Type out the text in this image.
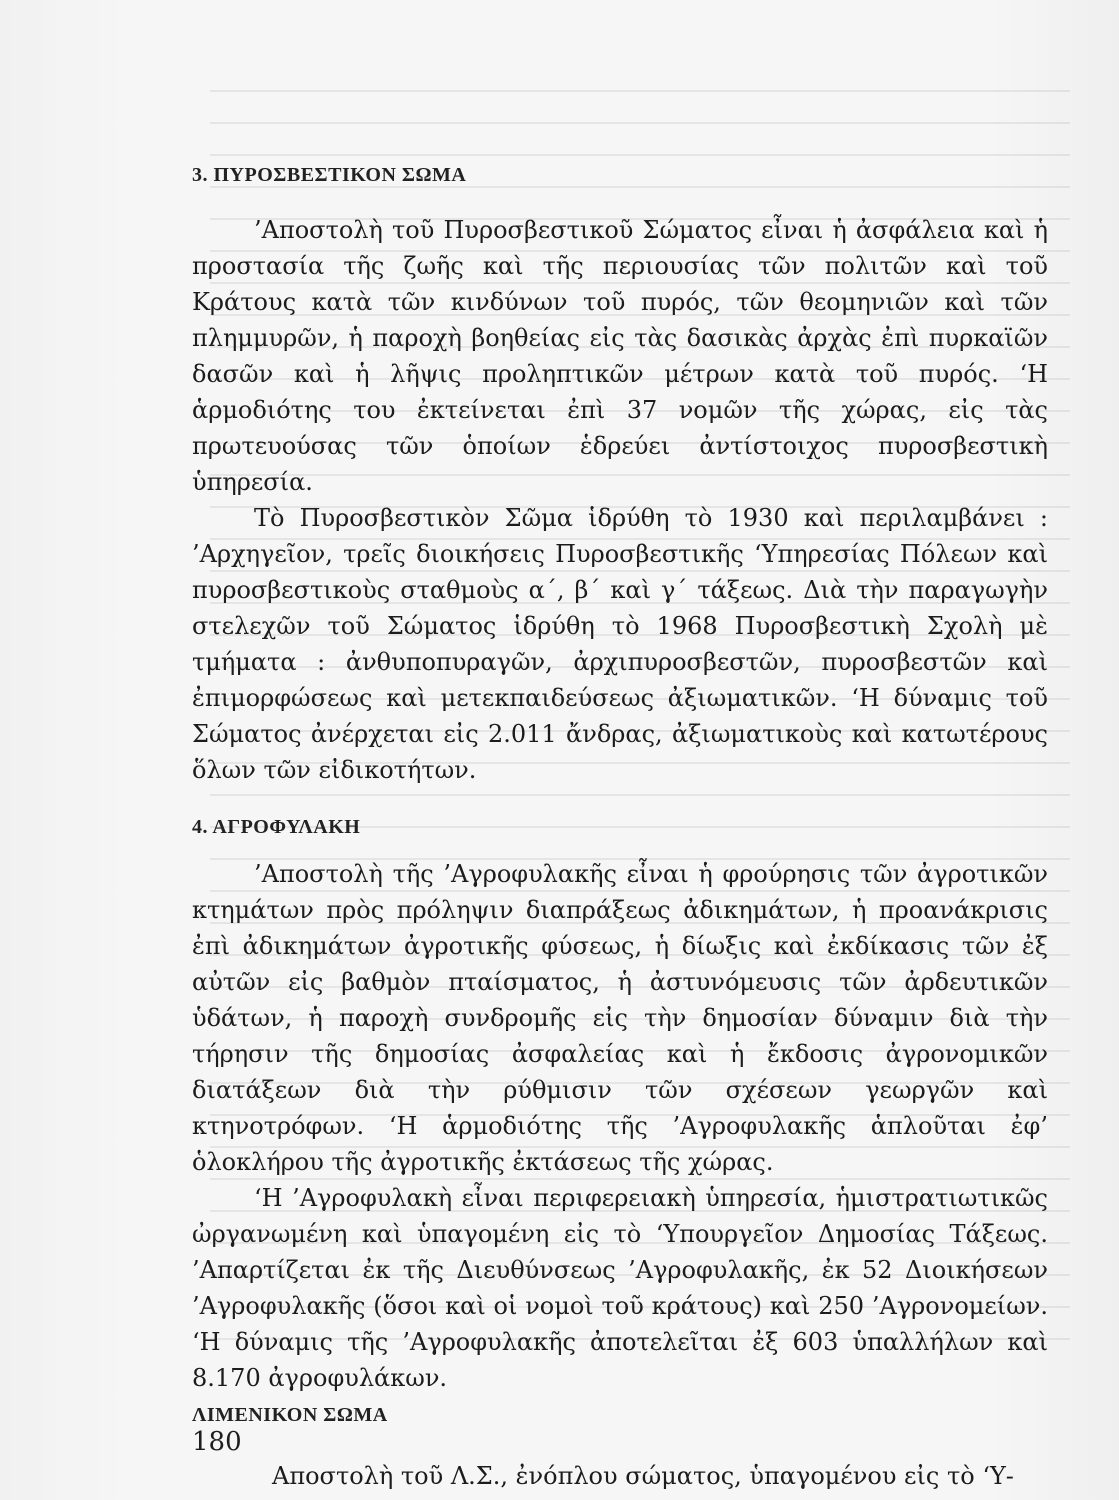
3. ΠΥΡΟΣΒΕΣΤΙΚΟΝ ΣΩΜΑ

’Αποστολὴ τοῦ Πυροσβεστικοῦ Σώματος εἶναι ἡ ἀσφάλεια καὶ ἡ προστασία τῆς ζωῆς καὶ τῆς περιουσίας τῶν πολιτῶν καὶ τοῦ Κράτους κατὰ τῶν κινδύνων τοῦ πυρός, τῶν θεομηνιῶν καὶ τῶν πλημμυρῶν, ἡ παροχὴ βοηθείας εἰς τὰς δασικὰς ἀρχὰς ἐπὶ πυρκαϊῶν δασῶν καὶ ἡ λῆψις προληπτικῶν μέτρων κατὰ τοῦ πυρός. ‘Η ἁρμοδιότης του ἐκτείνεται ἐπὶ 37 νομῶν τῆς χώρας, εἰς τὰς πρωτευούσας τῶν ὁποίων ἑδρεύει ἀντίστοιχος πυροσβεστικὴ ὑπηρεσία.

Τὸ Πυροσβεστικὸν Σῶμα ἱδρύθη τὸ 1930 καὶ περιλαμβάνει : ’Αρχηγεῖον, τρεῖς διοικήσεις Πυροσβεστικῆς ‘Υπηρεσίας Πόλεων καὶ πυροσβεστικοὺς σταθμοὺς α΄, β΄ καὶ γ΄ τάξεως. Διὰ τὴν παραγωγὴν στελεχῶν τοῦ Σώματος ἱδρύθη τὸ 1968 Πυροσβεστικὴ Σχολὴ μὲ τμήματα : ἀνθυποπυραγῶν, ἀρχιπυροσβεστῶν, πυροσβεστῶν καὶ ἐπιμορφώσεως καὶ μετεκπαιδεύσεως ἀξιωματικῶν. ‘Η δύναμις τοῦ Σώματος ἀνέρχεται εἰς 2.011 ἄνδρας, ἀξιωματικοὺς καὶ κατωτέρους ὅλων τῶν εἰδικοτήτων.

4. ΑΓΡΟΦΥΛΑΚΗ

’Αποστολὴ τῆς ’Αγροφυλακῆς εἶναι ἡ φρούρησις τῶν ἀγροτικῶν κτημάτων πρὸς πρόληψιν διαπράξεως ἀδικημάτων, ἡ προανάκρισις ἐπὶ ἀδικημάτων ἀγροτικῆς φύσεως, ἡ δίωξις καὶ ἐκδίκασις τῶν ἐξ αὐτῶν εἰς βαθμὸν πταίσματος, ἡ ἀστυνόμευσις τῶν ἀρδευτικῶν ὑδάτων, ἡ παροχὴ συνδρομῆς εἰς τὴν δημοσίαν δύναμιν διὰ τὴν τήρησιν τῆς δημοσίας ἀσφαλείας καὶ ἡ ἔκδοσις ἀγρονομικῶν διατάξεων διὰ τὴν ρύθμισιν τῶν σχέσεων γεωργῶν καὶ κτηνοτρόφων. ‘Η ἁρμοδιότης τῆς ’Αγροφυλακῆς ἁπλοῦται ἐφ’ ὁλοκλήρου τῆς ἀγροτικῆς ἐκτάσεως τῆς χώρας.

‘Η ’Αγροφυλακὴ εἶναι περιφερειακὴ ὑπηρεσία, ἡμιστρατιωτικῶς ὠργανωμένη καὶ ὑπαγομένη εἰς τὸ ‘Υπουργεῖον Δημοσίας Τάξεως. ’Απαρτίζεται ἐκ τῆς Διευθύνσεως ’Αγροφυλακῆς, ἐκ 52 Διοικήσεων ’Αγροφυλακῆς (ὅσοι καὶ οἱ νομοὶ τοῦ κράτους) καὶ 250 ’Αγρονομείων. ‘Η δύναμις τῆς ’Αγροφυλακῆς ἀποτελεῖται ἐξ 603 ὑπαλλήλων καὶ 8.170 ἀγροφυλάκων.

ΛΙΜΕΝΙΚΟΝ ΣΩΜΑ

Αποστολὴ τοῦ Λ.Σ., ἐνόπλου σώματος, ὑπαγομένου εἰς τὸ ‘Υ-

180
